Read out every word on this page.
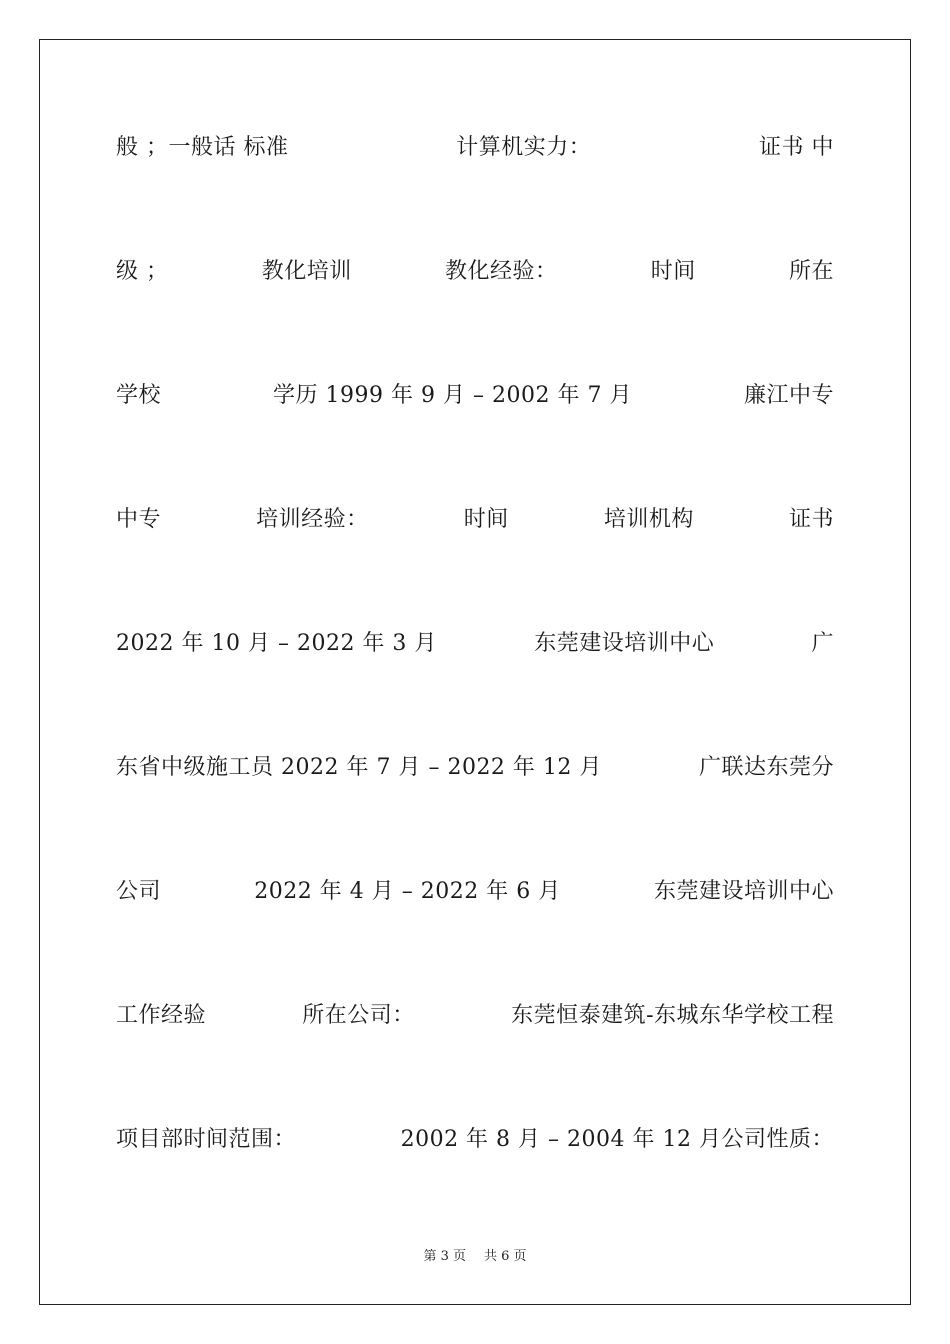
般 ；一般话 标准	计算机实力：	证书 中
级 ；	教化培训	教化经验：	时间	所在
学校	学历 1999 年 9 月 – 2002 年 7 月	廉江中专
中专	培训经验：	时间	培训机构	证书
2022 年 10 月 – 2022 年 3 月	东莞建设培训中心	广
东省中级施工员 2022 年 7 月 – 2022 年 12 月	广联达东莞分
公司	2022 年 4 月 – 2022 年 6 月	东莞建设培训中心
工作经验	所在公司：	东莞恒泰建筑-东城东华学校工程
项目部时间范围：	2002 年 8 月 – 2004 年 12 月公司性质：
第 3 页 共 6 页
